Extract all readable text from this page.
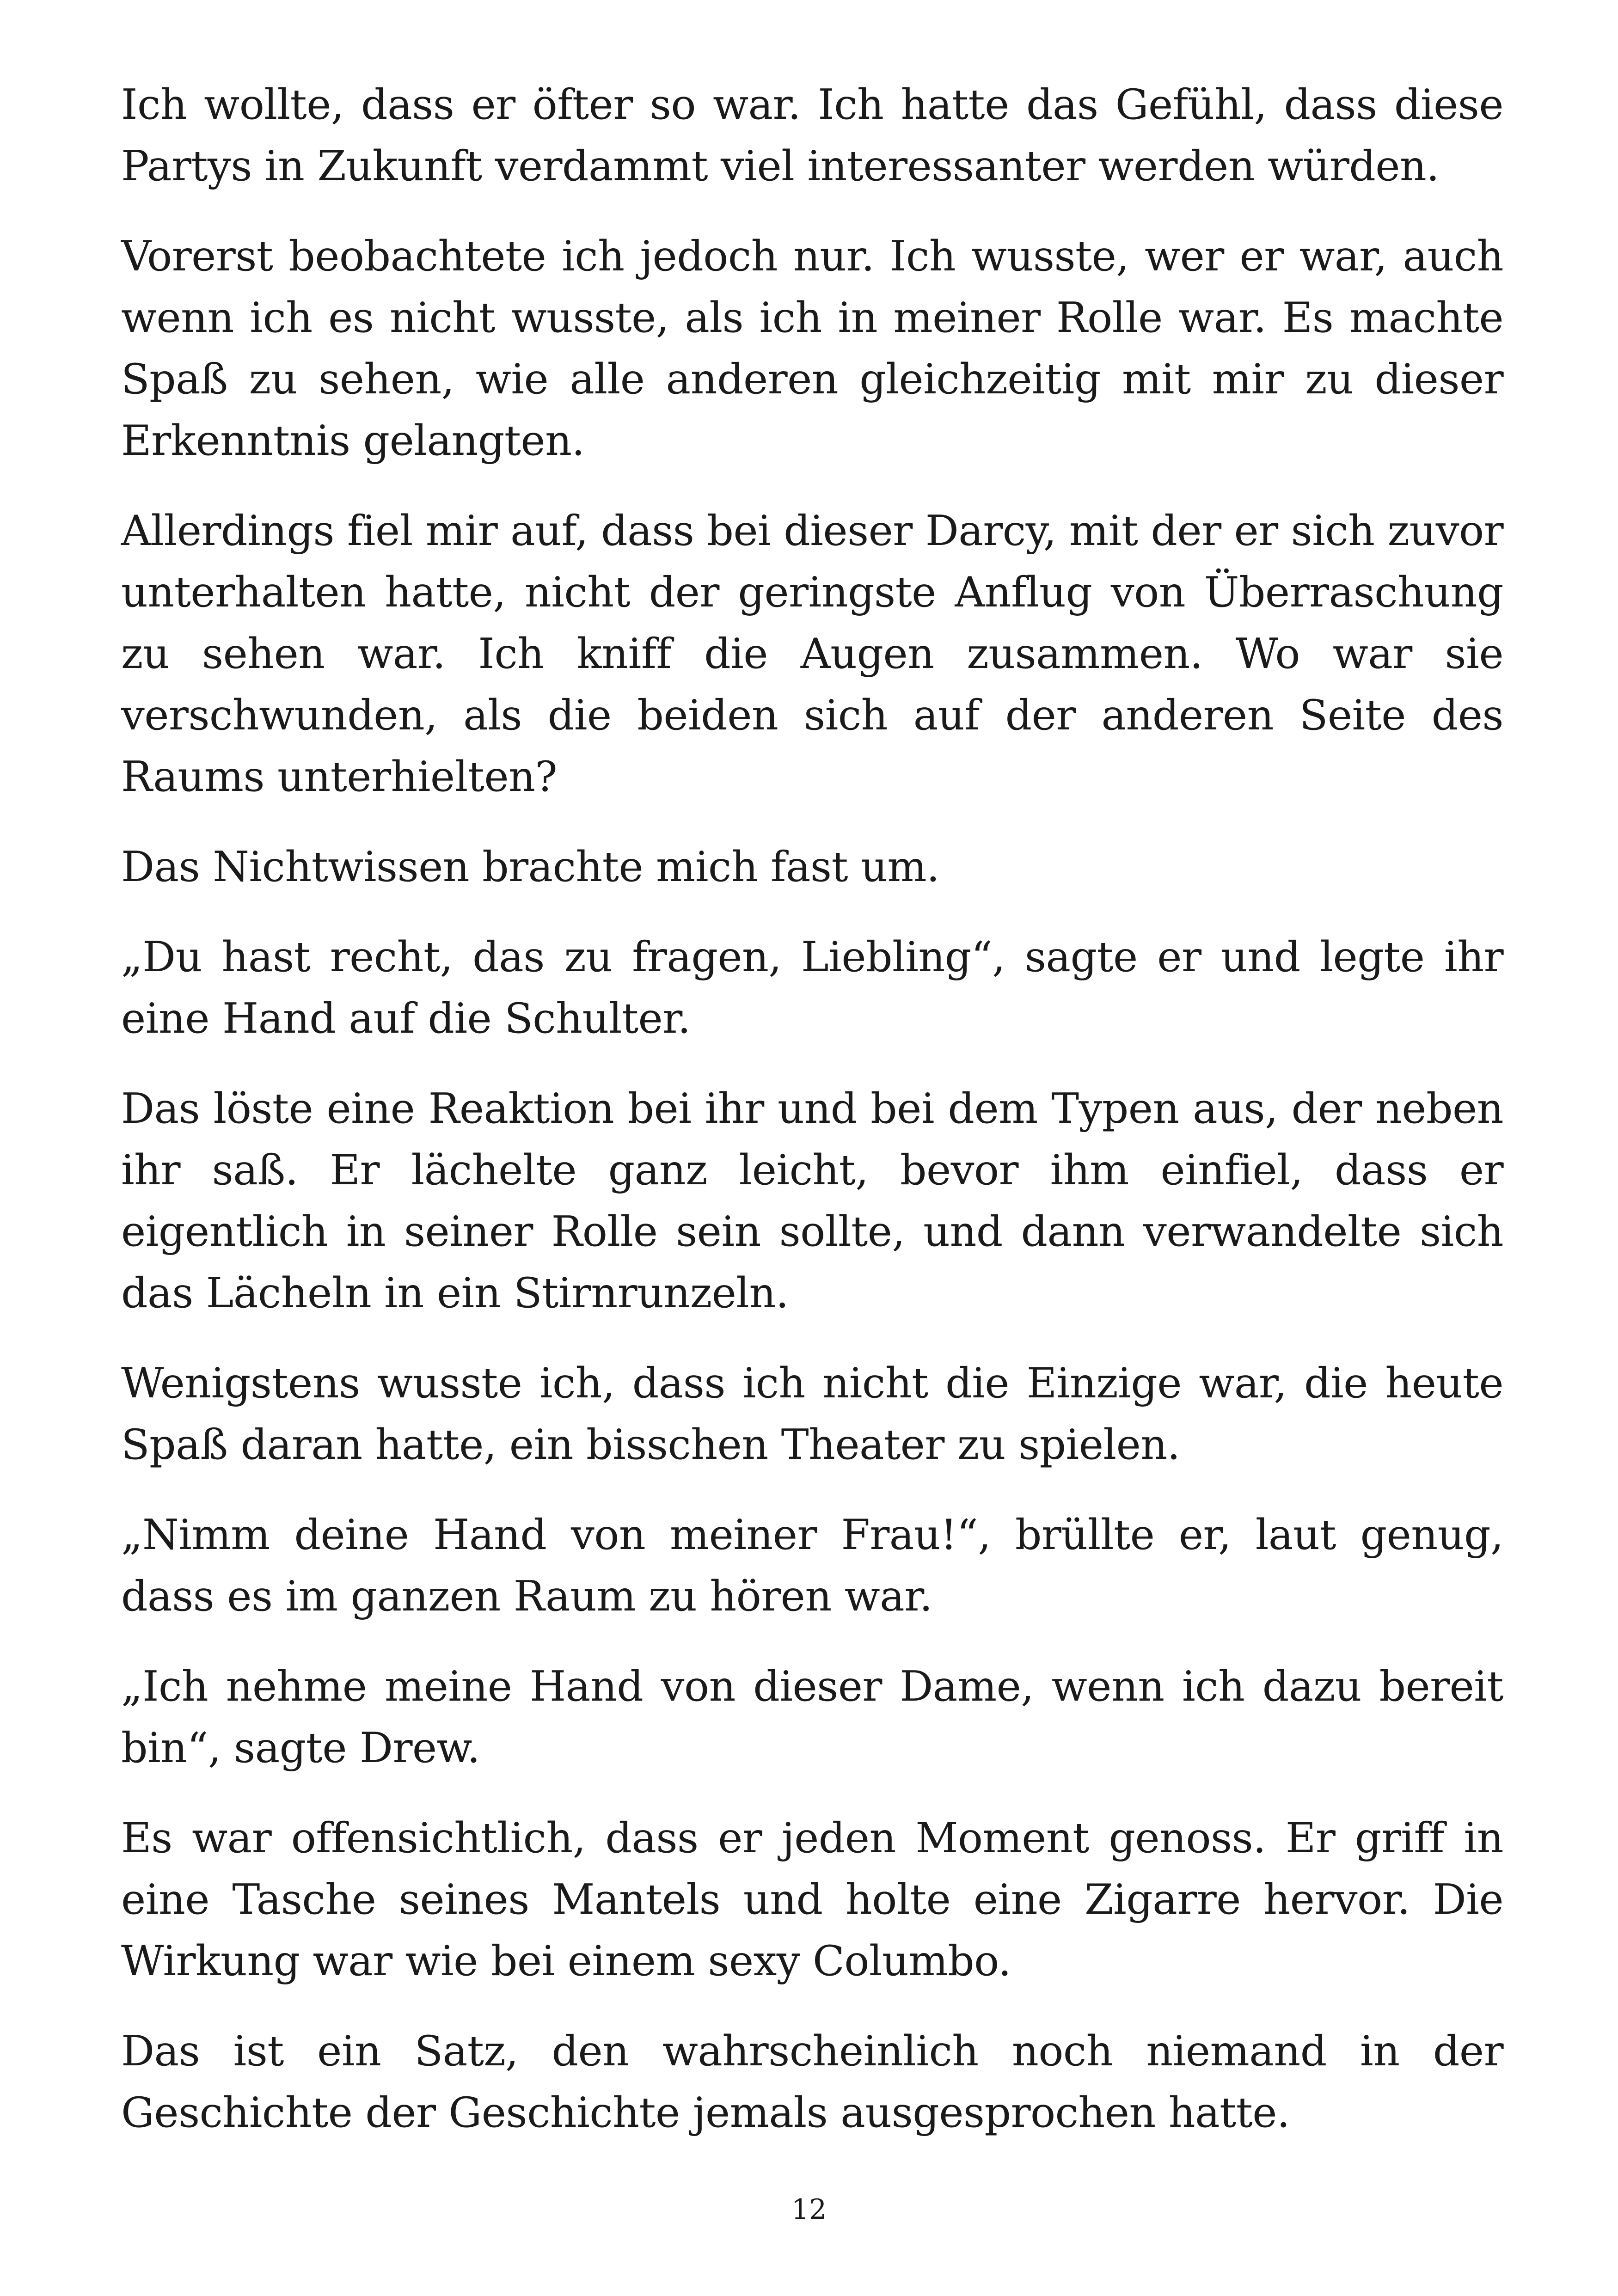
Ich wollte, dass er öfter so war. Ich hatte das Gefühl, dass diese Partys in Zukunft verdammt viel interessanter werden würden.

Vorerst beobachtete ich jedoch nur. Ich wusste, wer er war, auch wenn ich es nicht wusste, als ich in meiner Rolle war. Es machte Spaß zu sehen, wie alle anderen gleichzeitig mit mir zu dieser Erkenntnis gelangten.

Allerdings fiel mir auf, dass bei dieser Darcy, mit der er sich zuvor unterhalten hatte, nicht der geringste Anflug von Überraschung zu sehen war. Ich kniff die Augen zusammen. Wo war sie verschwunden, als die beiden sich auf der anderen Seite des Raums unterhielten?

Das Nichtwissen brachte mich fast um.

„Du hast recht, das zu fragen, Liebling“, sagte er und legte ihr eine Hand auf die Schulter.

Das löste eine Reaktion bei ihr und bei dem Typen aus, der neben ihr saß. Er lächelte ganz leicht, bevor ihm einfiel, dass er eigentlich in seiner Rolle sein sollte, und dann verwandelte sich das Lächeln in ein Stirnrunzeln.

Wenigstens wusste ich, dass ich nicht die Einzige war, die heute Spaß daran hatte, ein bisschen Theater zu spielen.

„Nimm deine Hand von meiner Frau!“, brüllte er, laut genug, dass es im ganzen Raum zu hören war.

„Ich nehme meine Hand von dieser Dame, wenn ich dazu bereit bin“, sagte Drew.

Es war offensichtlich, dass er jeden Moment genoss. Er griff in eine Tasche seines Mantels und holte eine Zigarre hervor. Die Wirkung war wie bei einem sexy Columbo.

Das ist ein Satz, den wahrscheinlich noch niemand in der Geschichte der Geschichte jemals ausgesprochen hatte.

12
